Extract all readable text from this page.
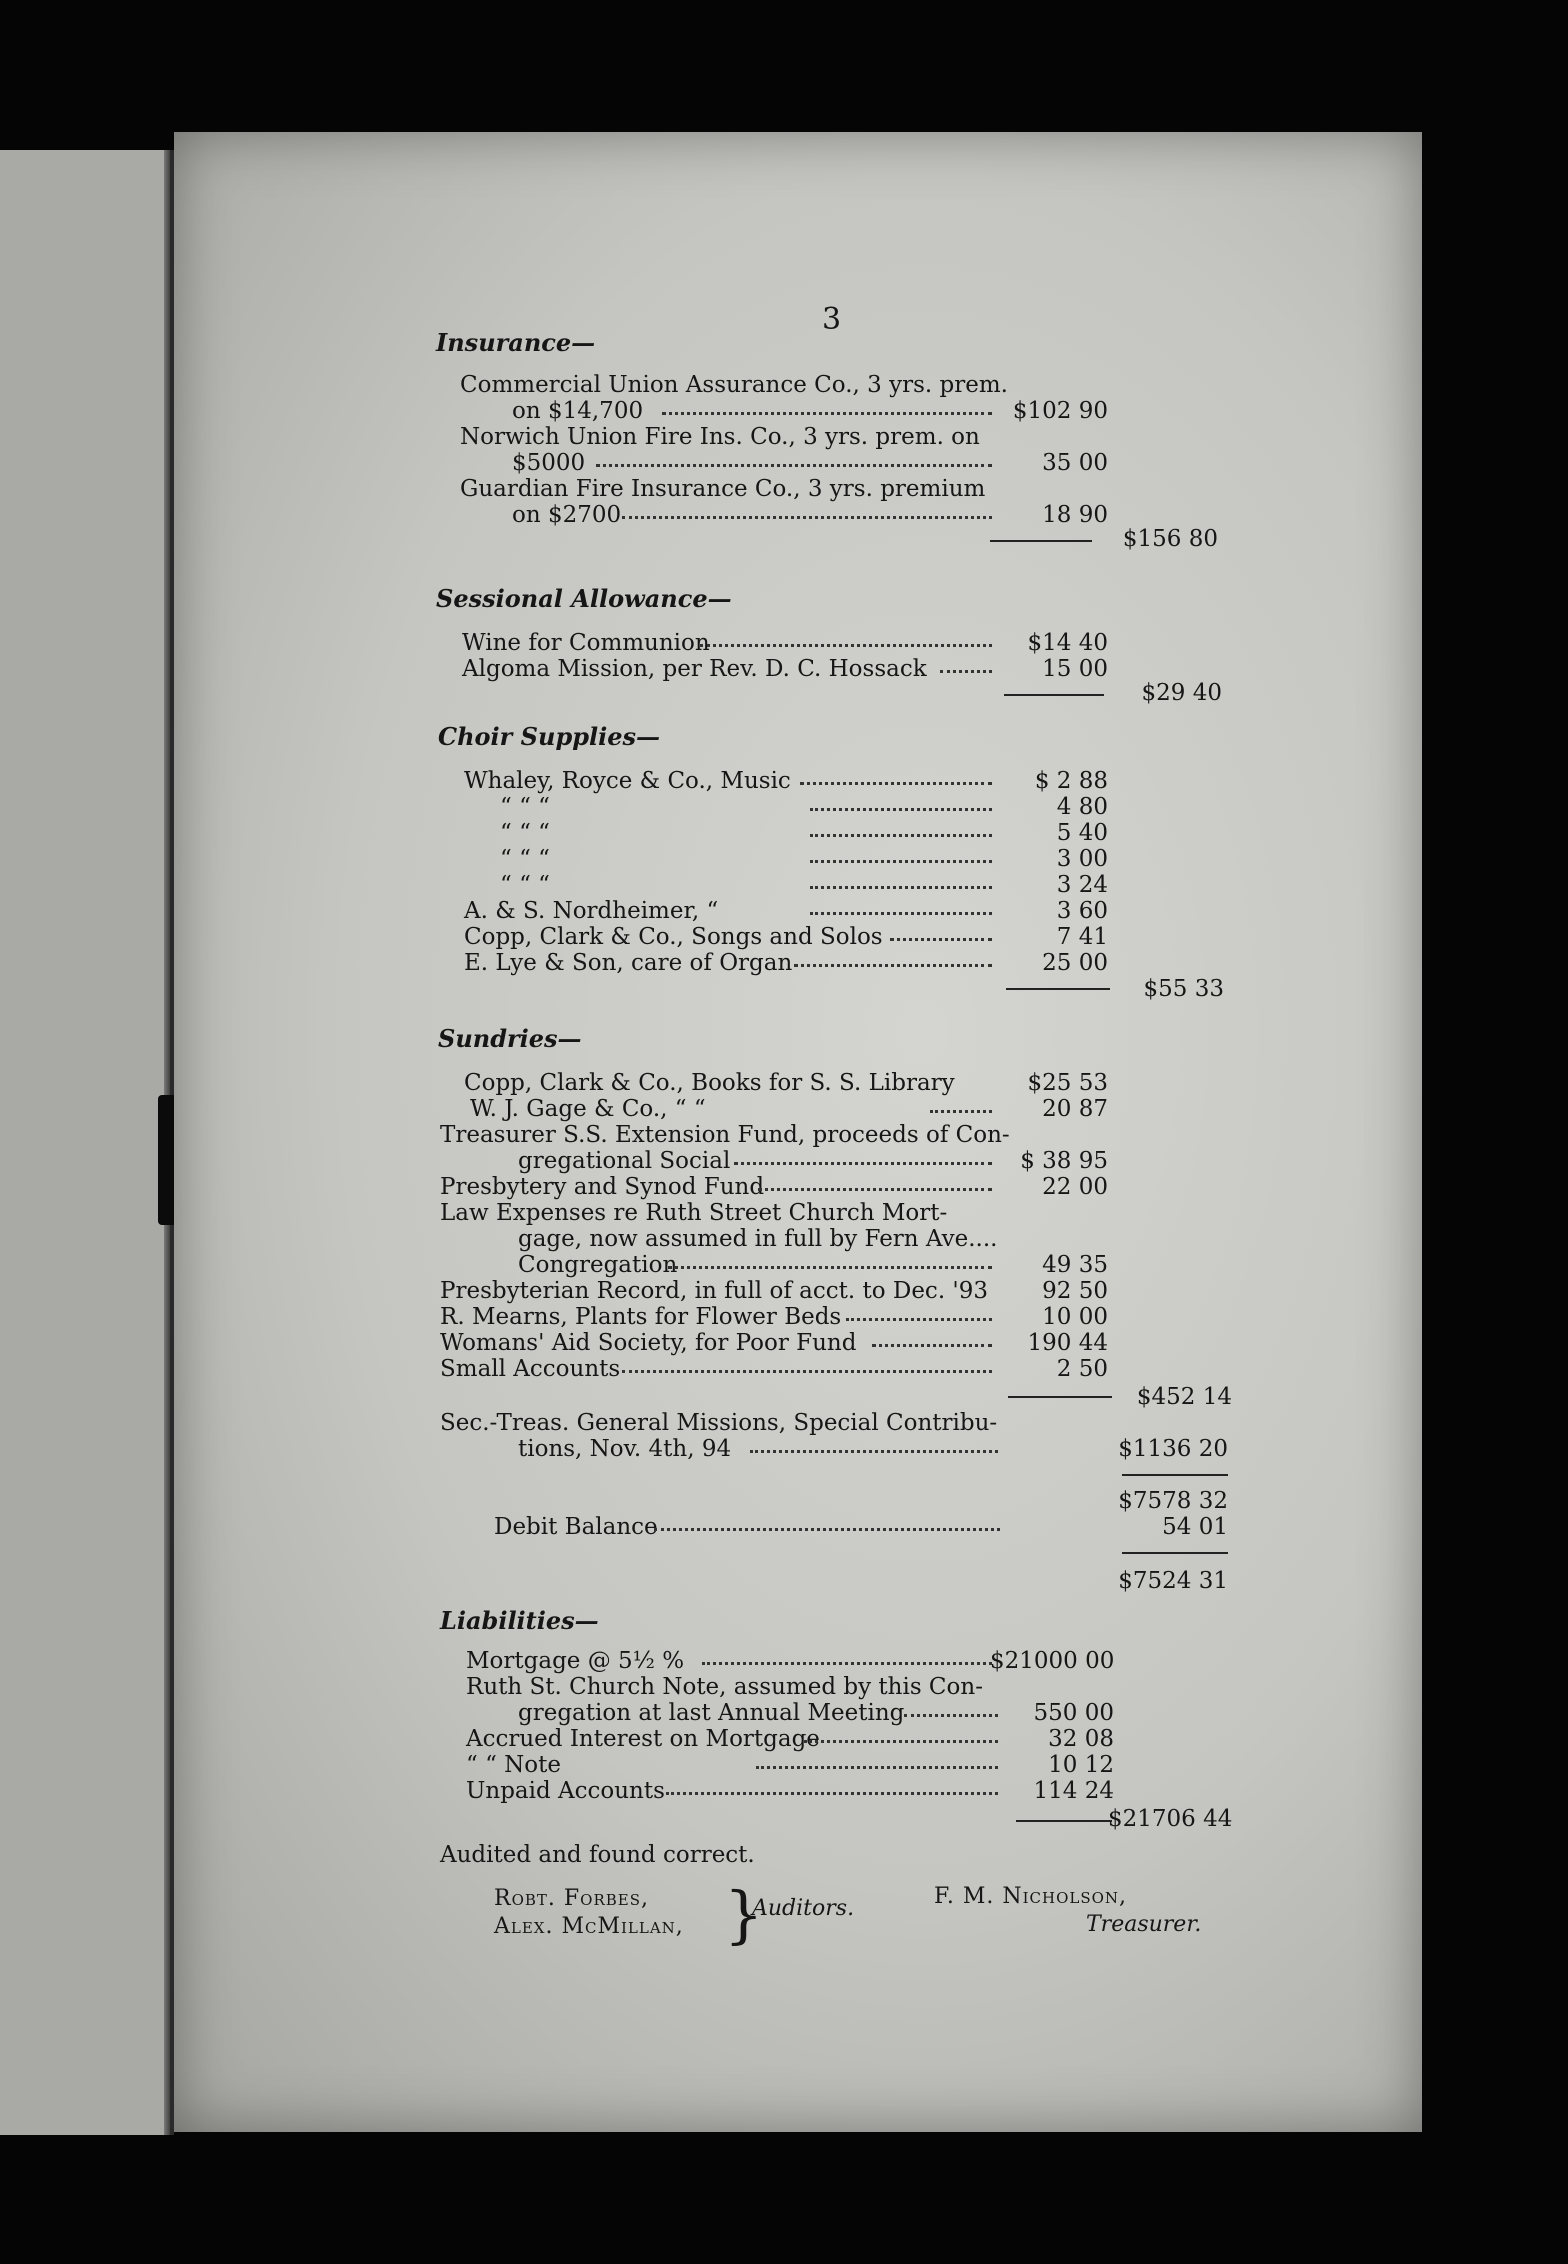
3
Insurance—
Commercial Union Assurance Co., 3 yrs. prem.
on $14,700	$102 90
Norwich Union Fire Ins. Co., 3 yrs. prem. on
$5000	35 00
Guardian Fire Insurance Co., 3 yrs. premium
on $2700	18 90
$156 80
Sessional Allowance—
Wine for Communion	$14 40
Algoma Mission, per Rev. D. C. Hossack	15 00
$29 40
Choir Supplies—
Whaley, Royce & Co., Music	$ 2 88
“ “ “	4 80
“ “ “	5 40
“ “ “	3 00
“ “ “	3 24
A. & S. Nordheimer, “	3 60
Copp, Clark & Co., Songs and Solos	7 41
E. Lye & Son, care of Organ	25 00
$55 33
Sundries—
Copp, Clark & Co., Books for S. S. Library	$25 53
W. J. Gage & Co., “ “	20 87
Treasurer S.S. Extension Fund, proceeds of Con-
gregational Social	$ 38 95
Presbytery and Synod Fund	22 00
Law Expenses re Ruth Street Church Mort-
gage, now assumed in full by Fern Ave....
Congregation	49 35
Presbyterian Record, in full of acct. to Dec. '93	92 50
R. Mearns, Plants for Flower Beds	10 00
Womans' Aid Society, for Poor Fund	190 44
Small Accounts	2 50
$452 14
Sec.-Treas. General Missions, Special Contribu-
tions, Nov. 4th, 94	$1136 20
$7578 32
Debit Balance	54 01
$7524 31
Liabilities—
Mortgage @ 5½ %	$21000 00
Ruth St. Church Note, assumed by this Con-
gregation at last Annual Meeting	550 00
Accrued Interest on Mortgage	32 08
“ “ Note	10 12
Unpaid Accounts	114 24
$21706 44
Audited and found correct.
Robt. Forbes,
Alex. McMillan, }
Auditors.	F. M. Nicholson,
Treasurer.
